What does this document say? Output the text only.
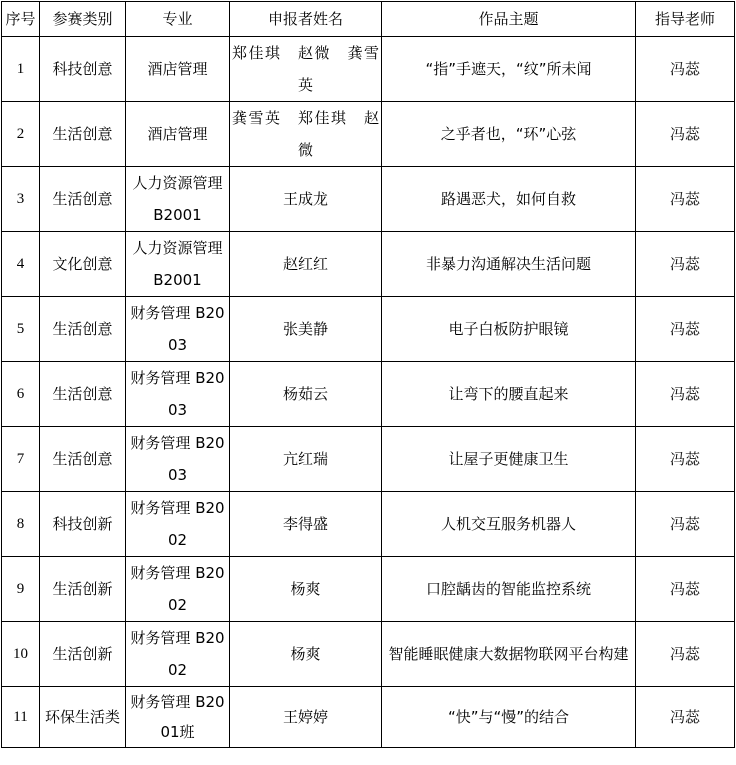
序号	参赛类别	专业	申报者姓名	作品主题	指导老师
1	科技创意	酒店管理	郑佳琪　赵微　龚雪英	“指”手遮天，“纹”所未闻	冯蕊
2	生活创意	酒店管理	龚雪英　郑佳琪　赵微	之乎者也，“环”心弦	冯蕊
3	生活创意	人力资源管理 B2001	王成龙	路遇恶犬，如何自救	冯蕊
4	文化创意	人力资源管理 B2001	赵红红	非暴力沟通解决生活问题	冯蕊
5	生活创意	财务管理 B2003	张美静	电子白板防护眼镜	冯蕊
6	生活创意	财务管理 B2003	杨茹云	让弯下的腰直起来	冯蕊
7	生活创意	财务管理 B2003	亢红瑞	让屋子更健康卫生	冯蕊
8	科技创新	财务管理 B2002	李得盛	人机交互服务机器人	冯蕊
9	生活创新	财务管理 B2002	杨爽	口腔龋齿的智能监控系统	冯蕊
10	生活创新	财务管理 B2002	杨爽	智能睡眠健康大数据物联网平台构建	冯蕊
11	环保生活类	财务管理 B2001班	王婷婷	“快”与“慢”的结合	冯蕊
